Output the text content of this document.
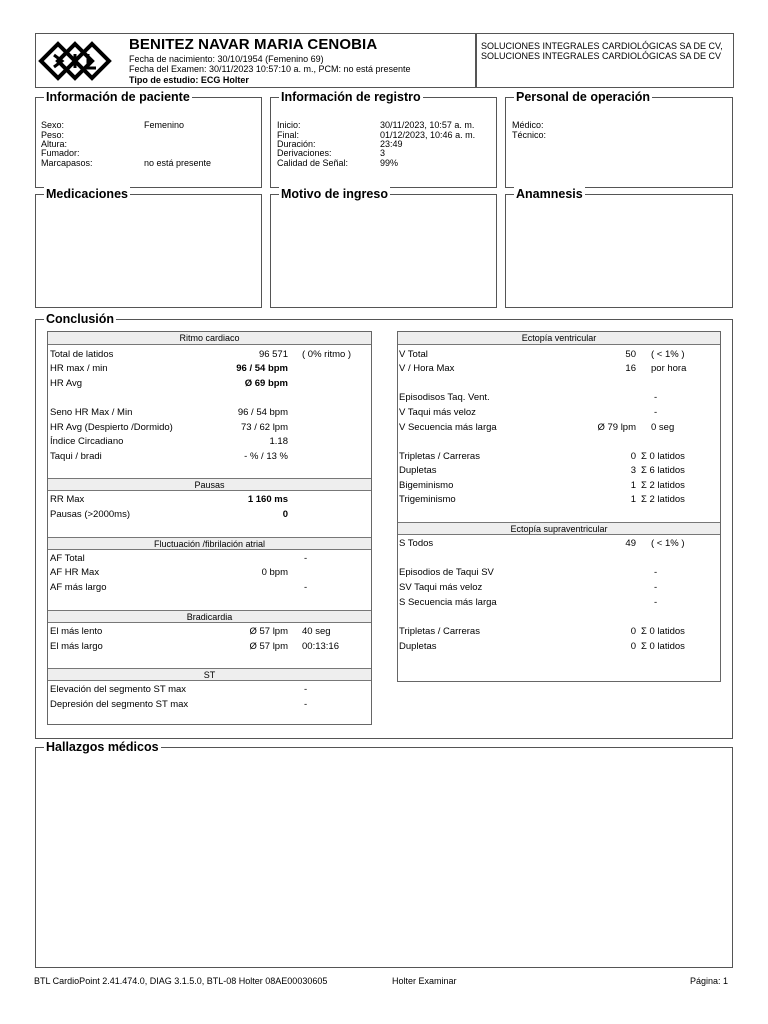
BENITEZ NAVAR MARIA CENOBIA
Fecha de nacimiento: 30/10/1954 (Femenino 69)
Fecha del Examen: 30/11/2023 10:57:10 a. m., PCM: no está presente
Tipo de estudio: ECG Holter
SOLUCIONES INTEGRALES CARDIOLÓGICAS SA DE CV, SOLUCIONES INTEGRALES CARDIOLÓGICAS SA DE CV
Información de paciente
Sexo:	Femenino
Peso:
Altura:
Fumador:
Marcapasos:	no está presente
Información de registro
Inicio:	30/11/2023, 10:57 a. m.
Final:	01/12/2023, 10:46 a. m.
Duración:	23:49
Derivaciones:	3
Calidad de Señal:	99%
Personal de operación
Médico:
Técnico:
Medicaciones	Motivo de ingreso	Anamnesis
Conclusión
Ritmo cardiaco
Total de latidos	96 571 ( 0% ritmo )
HR max / min	96 / 54 bpm
HR Avg	Ø 69 bpm
Seno HR Max / Min	96 / 54 bpm
HR Avg (Despierto /Dormido)	73 / 62 lpm
Índice Circadiano	1.18
Taqui / bradi	- % / 13 %
Pausas
RR Max	1 160 ms
Pausas (>2000ms)	0
Fluctuación /fibrilación atrial
AF Total	-
AF HR Max	0 bpm
AF más largo	-
Bradicardia
El más lento	Ø 57 lpm 40 seg
El más largo	Ø 57 lpm 00:13:16
ST
Elevación del segmento ST max	-
Depresión del segmento ST max	-
Ectopía ventricular
V Total	50 ( < 1% )
V / Hora Max	16 por hora
Episodisos Taq. Vent.	-
V Taqui más veloz	-
V Secuencia más larga	Ø 79 lpm 0 seg
Tripletas / Carreras	0 Σ 0 latidos
Dupletas	3 Σ 6 latidos
Bigeminismo	1 Σ 2 latidos
Trigeminismo	1 Σ 2 latidos
Ectopía supraventricular
S Todos	49 ( < 1% )
Episodios de Taqui SV	-
SV Taqui más veloz	-
S Secuencia más larga	-
Tripletas / Carreras	0 Σ 0 latidos
Dupletas	0 Σ 0 latidos
Hallazgos médicos
BTL CardioPoint 2.41.474.0, DIAG 3.1.5.0, BTL-08 Holter 08AE00030605	Holter Examinar	Página: 1
